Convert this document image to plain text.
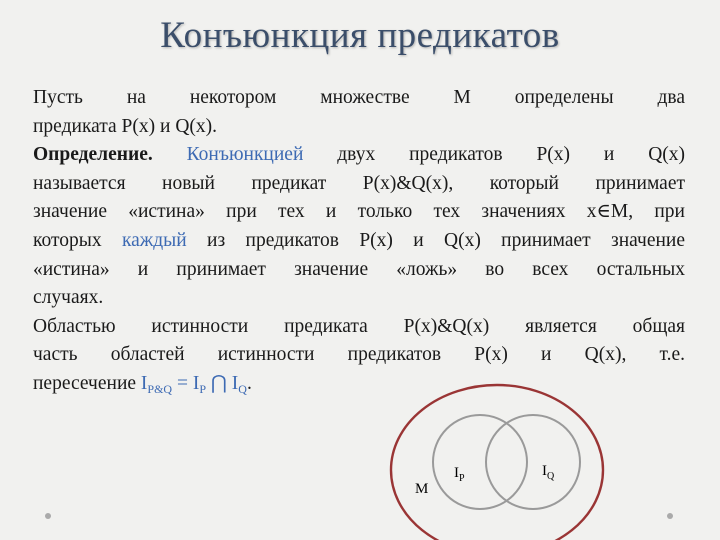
Конъюнкция предикатов
Пусть на некотором множестве М определены два
предиката P(x) и Q(x).
Определение. Конъюнкцией двух предикатов P(x) и Q(x)
называется новый предикат P(x)&Q(x), который принимает
значение «истина» при тех и только тех значениях x∈M, при
которых каждый из предикатов P(x) и Q(x) принимает значение
«истина» и принимает значение «ложь» во всех остальных
случаях.
Областью истинности предиката P(x)&Q(x) является общая
часть областей истинности предикатов P(x) и Q(x), т.е.
пересечение $I_{P\&Q} = I_P$ ⋂ $I_Q$.
M
$I_P$	$I_Q$
